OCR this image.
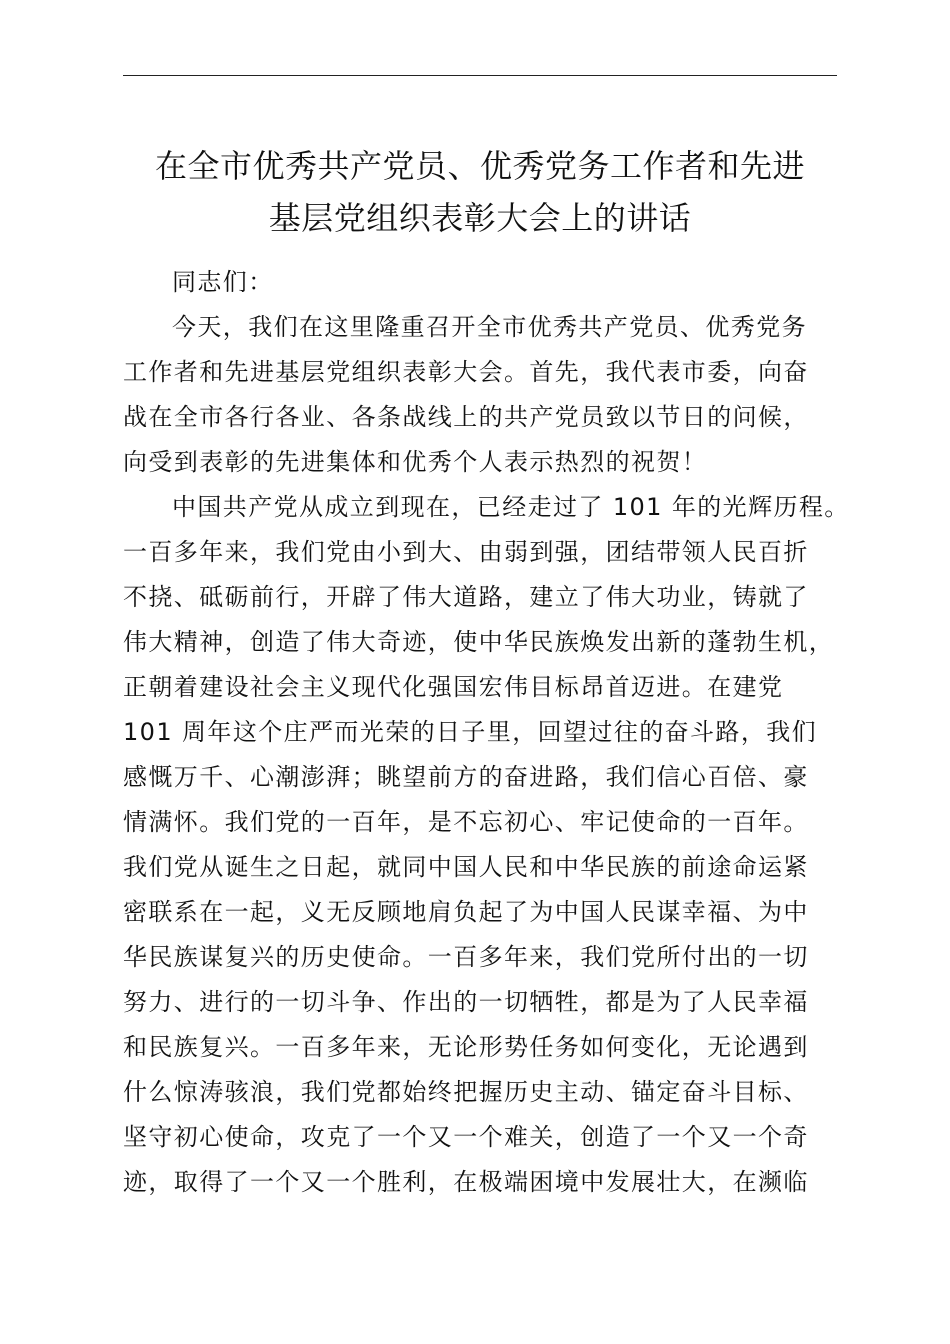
在全市优秀共产党员、优秀党务工作者和先进
基层党组织表彰大会上的讲话
同志们：
今天，我们在这里隆重召开全市优秀共产党员、优秀党务
工作者和先进基层党组织表彰大会。首先，我代表市委，向奋
战在全市各行各业、各条战线上的共产党员致以节日的问候，
向受到表彰的先进集体和优秀个人表示热烈的祝贺！
中国共产党从成立到现在，已经走过了 101 年的光辉历程。
一百多年来，我们党由小到大、由弱到强，团结带领人民百折
不挠、砥砺前行，开辟了伟大道路，建立了伟大功业，铸就了
伟大精神，创造了伟大奇迹，使中华民族焕发出新的蓬勃生机，
正朝着建设社会主义现代化强国宏伟目标昂首迈进。在建党
101 周年这个庄严而光荣的日子里，回望过往的奋斗路，我们
感慨万千、心潮澎湃；眺望前方的奋进路，我们信心百倍、豪
情满怀。我们党的一百年，是不忘初心、牢记使命的一百年。
我们党从诞生之日起，就同中国人民和中华民族的前途命运紧
密联系在一起，义无反顾地肩负起了为中国人民谋幸福、为中
华民族谋复兴的历史使命。一百多年来，我们党所付出的一切
努力、进行的一切斗争、作出的一切牺牲，都是为了人民幸福
和民族复兴。一百多年来，无论形势任务如何变化，无论遇到
什么惊涛骇浪，我们党都始终把握历史主动、锚定奋斗目标、
坚守初心使命，攻克了一个又一个难关，创造了一个又一个奇
迹，取得了一个又一个胜利，在极端困境中发展壮大，在濒临
